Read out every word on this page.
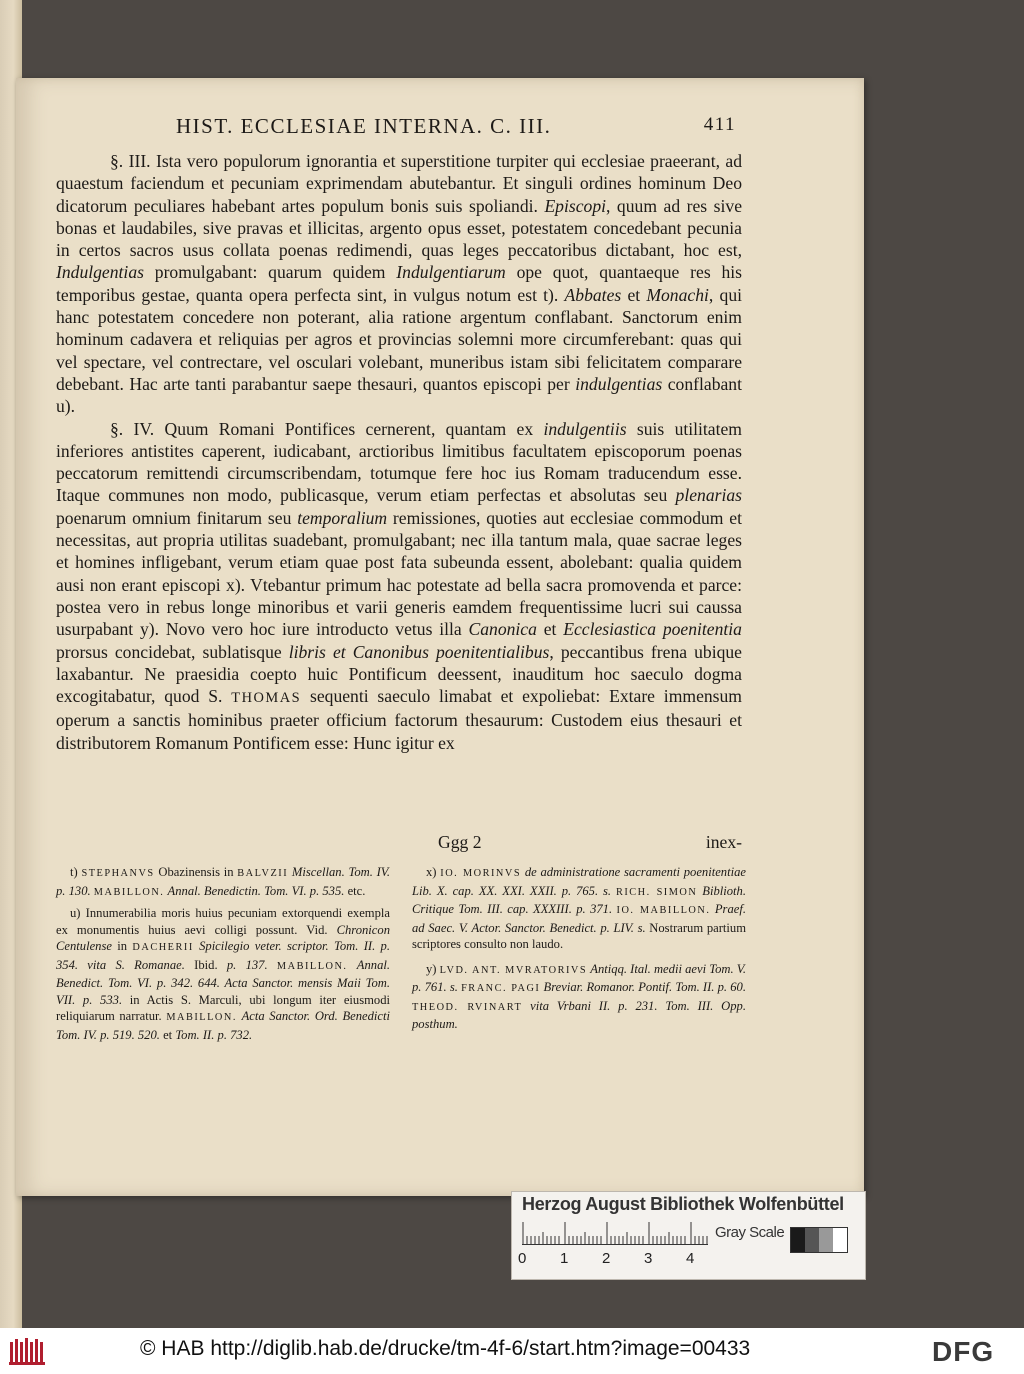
HIST. ECCLESIAE INTERNA. C. III.	411

§. III. Ista vero populorum ignorantia et superstitione turpiter qui ecclesiae praeerant, ad quaestum faciendum et pecuniam exprimendam abutebantur. Et singuli ordines hominum Deo dicatorum peculiares habebant artes populum bonis suis spoliandi. Episcopi, quum ad res sive bonas et laudabiles, sive pravas et illicitas, argento opus esset, potestatem concedebant pecunia in certos sacros usus collata poenas redimendi, quas leges peccatoribus dictabant, hoc est, Indulgentias promulgabant: quarum quidem Indulgentiarum ope quot, quantaeque res his temporibus gestae, quanta opera perfecta sint, in vulgus notum est t). Abbates et Monachi, qui hanc potestatem concedere non poterant, alia ratione argentum conflabant. Sanctorum enim hominum cadavera et reliquias per agros et provincias solemni more circumferebant: quas qui vel spectare, vel contrectare, vel osculari volebant, muneribus istam sibi felicitatem comparare debebant. Hac arte tanti parabantur saepe thesauri, quantos episcopi per indulgentias conflabant u).

§. IV. Quum Romani Pontifices cernerent, quantam ex indulgentiis suis utilitatem inferiores antistites caperent, iudicabant, arctioribus limitibus facultatem episcoporum poenas peccatorum remittendi circumscribendam, totumque fere hoc ius Romam traducendum esse. Itaque communes non modo, publicasque, verum etiam perfectas et absolutas seu plenarias poenarum omnium finitarum seu temporalium remissiones, quoties aut ecclesiae commodum et necessitas, aut propria utilitas suadebant, promulgabant; nec illa tantum mala, quae sacrae leges et homines infligebant, verum etiam quae post fata subeunda essent, abolebant: qualia quidem ausi non erant episcopi x). Vtebantur primum hac potestate ad bella sacra promovenda et parce: postea vero in rebus longe minoribus et varii generis eamdem frequentissime lucri sui caussa usurpabant y). Novo vero hoc iure introducto vetus illa Canonica et Ecclesiastica poenitentia prorsus concidebat, sublatisque libris et Canonibus poenitentialibus, peccantibus frena ubique laxabantur. Ne praesidia coepto huic Pontificum deessent, inauditum hoc saeculo dogma excogitabatur, quod S. THOMAS sequenti saeculo limabat et expoliebat: Extare immensum operum a sanctis hominibus praeter officium factorum thesaurum: Custodem eius thesauri et distributorem Romanum Pontificem esse: Hunc igitur ex

Ggg 2	inex-

t) STEPHANVS Obazinensis in BALVZII Miscellan. Tom. IV. p. 130. MABILLON. Annal. Benedictin. Tom. VI. p. 535. etc.

u) Innumerabilia moris huius pecuniam extorquendi exempla ex monumentis huius aevi colligi possunt. Vid. Chronicon Centulense in DACHERII Spicilegio veter. scriptor. Tom. II. p. 354. vita S. Romanae. Ibid. p. 137. MABILLON. Annal. Benedict. Tom. VI. p. 342. 644. Acta Sanctor. mensis Maii Tom. VII. p. 533. in Actis S. Marculi, ubi longum iter eiusmodi reliquiarum narratur. MABILLON. Acta Sanctor. Ord. Benedicti Tom. IV. p. 519. 520. et Tom. II. p. 732.

x) IO. MORINVS de administratione sacramenti poenitentiae Lib. X. cap. XX. XXI. XXII. p. 765. s. RICH. SIMON Biblioth. Critique Tom. III. cap. XXXIII. p. 371. IO. MABILLON. Praef. ad Saec. V. Actor. Sanctor. Benedict. p. LIV. s. Nostrarum partium scriptores consulto non laudo.

y) LVD. ANT. MVRATORIVS Antiqq. Ital. medii aevi Tom. V. p. 761. s. FRANC. PAGI Breviar. Romanor. Pontif. Tom. II. p. 60. THEOD. RVINART vita Vrbani II. p. 231. Tom. III. Opp. posthum.

Herzog August Bibliothek Wolfenbüttel
0 1 2 3 4
Gray Scale
© HAB http://diglib.hab.de/drucke/tm-4f-6/start.htm?image=00433	DFG
